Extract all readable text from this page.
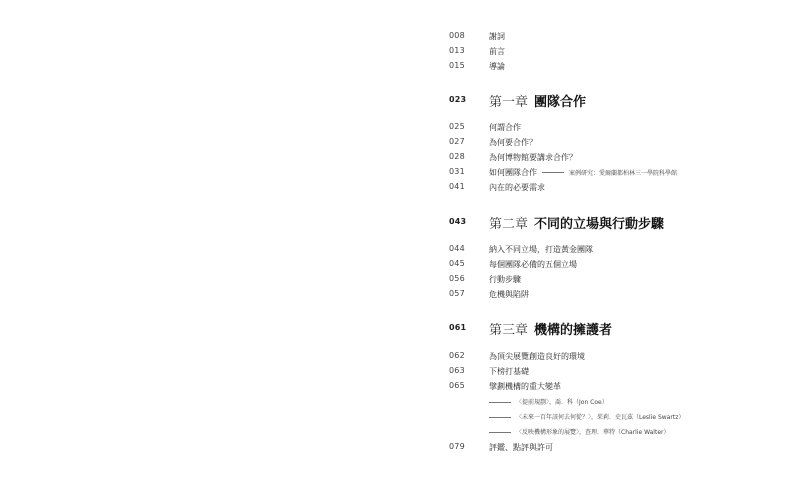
008	謝詞
013	前言
015	導論
023 第一章 團隊合作
025	何謂合作
027	為何要合作？
028	為何博物館要講求合作？
031	如何團隊合作	案例研究：愛爾蘭都柏林三一學院科學館
041	內在的必要需求
043 第二章 不同的立場與行動步驟
044	納入不同立場，打造黃金團隊
045	每個團隊必備的五個立場
056	行動步驟
057	危機與陷阱
061 第三章 機構的擁護者
062	為頂尖展覽創造良好的環境
063	下榜打基礎
065	擘劃機構的重大變革
〈提前規劃〉，喬．科（Jon Coe）
〈未來一百年該何去何從？〉，茱莉．史瓦茲（Leslie Swartz）
〈反映機構形象的展覽〉，查理．華特（Charlie Walter）
079	評鑑、點評與許可
